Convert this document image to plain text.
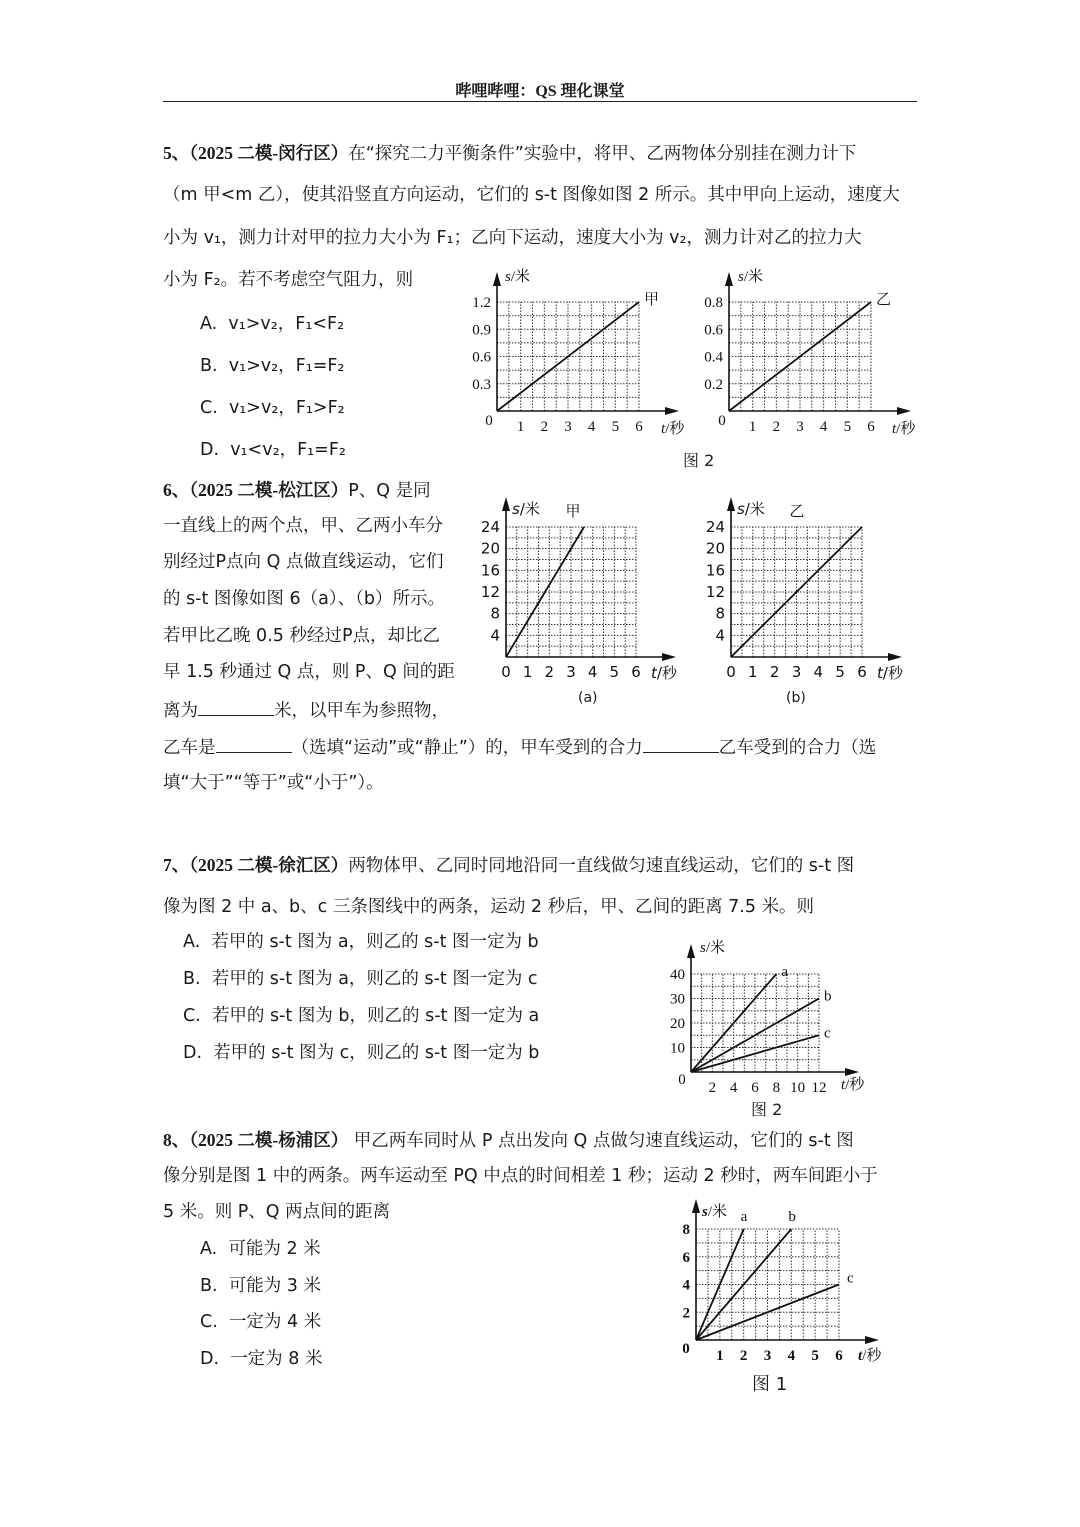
哔哩哔哩：QS 理化课堂
5、（2025 二模-闵行区）在“探究二力平衡条件”实验中，将甲、乙两物体分别挂在测力计下
（m 甲<m 乙），使其沿竖直方向运动，它们的 s-t 图像如图 2 所示。其中甲向上运动，速度大
小为 v₁，测力计对甲的拉力大小为 F₁；乙向下运动，速度大小为 v₂，测力计对乙的拉力大
小为 F₂。若不考虑空气阻力，则
A. v₁>v₂，F₁<F₂
B. v₁>v₂，F₁=F₂
C. v₁>v₂，F₁>F₂
D. v₁<v₂，F₁=F₂
1 2 3 4 5 6
0.3
0.6
0.9
1.2
0
s/米
t/秒
甲
1 2 3 4 5 6
0.2
0.4
0.6
0.8
0
s/米
t/秒
乙
图 2
6、（2025 二模-松江区）P、Q 是同
一直线上的两个点，甲、乙两小车分
别经过P点向 Q 点做直线运动，它们
的 s-t 图像如图 6（a）、（b）所示。
若甲比乙晚 0.5 秒经过P点，却比乙
早 1.5 秒通过 Q 点，则 P、Q 间的距
离为	米，以甲车为参照物，
乙车是	（选填“运动”或“静止”）的，甲车受到的合力	乙车受到的合力（选
填“大于”“等于”或“小于”）。
0 1 2 3 4 5 6
4
8
12
16
20
24
s/米
t/秒
甲
0 1 2 3 4 5 6
4
8
12
16
20
24
s/米
t/秒
乙
(a)	(b)
7、（2025 二模-徐汇区）两物体甲、乙同时同地沿同一直线做匀速直线运动，它们的 s-t 图
像为图 2 中 a、b、c 三条图线中的两条，运动 2 秒后，甲、乙间的距离 7.5 米。则
A. 若甲的 s-t 图为 a，则乙的 s-t 图一定为 b
B. 若甲的 s-t 图为 a，则乙的 s-t 图一定为 c
C. 若甲的 s-t 图为 b，则乙的 s-t 图一定为 a
D. 若甲的 s-t 图为 c，则乙的 s-t 图一定为 b
2 4 6 8 10 12
10
20
30
40
0
s/米
t/秒
a
b
c
图 2
8、（2025 二模-杨浦区） 甲乙两车同时从 P 点出发向 Q 点做匀速直线运动，它们的 s-t 图
像分别是图 1 中的两条。两车运动至 PQ 中点的时间相差 1 秒；运动 2 秒时，两车间距小于
5 米。则 P、Q 两点间的距离
A. 可能为 2 米
B. 可能为 3 米
C. 一定为 4 米
D. 一定为 8 米	1 2 3 4 5 6
2
4
6
8
0
s/米
t/秒
a	b
c
图 1
